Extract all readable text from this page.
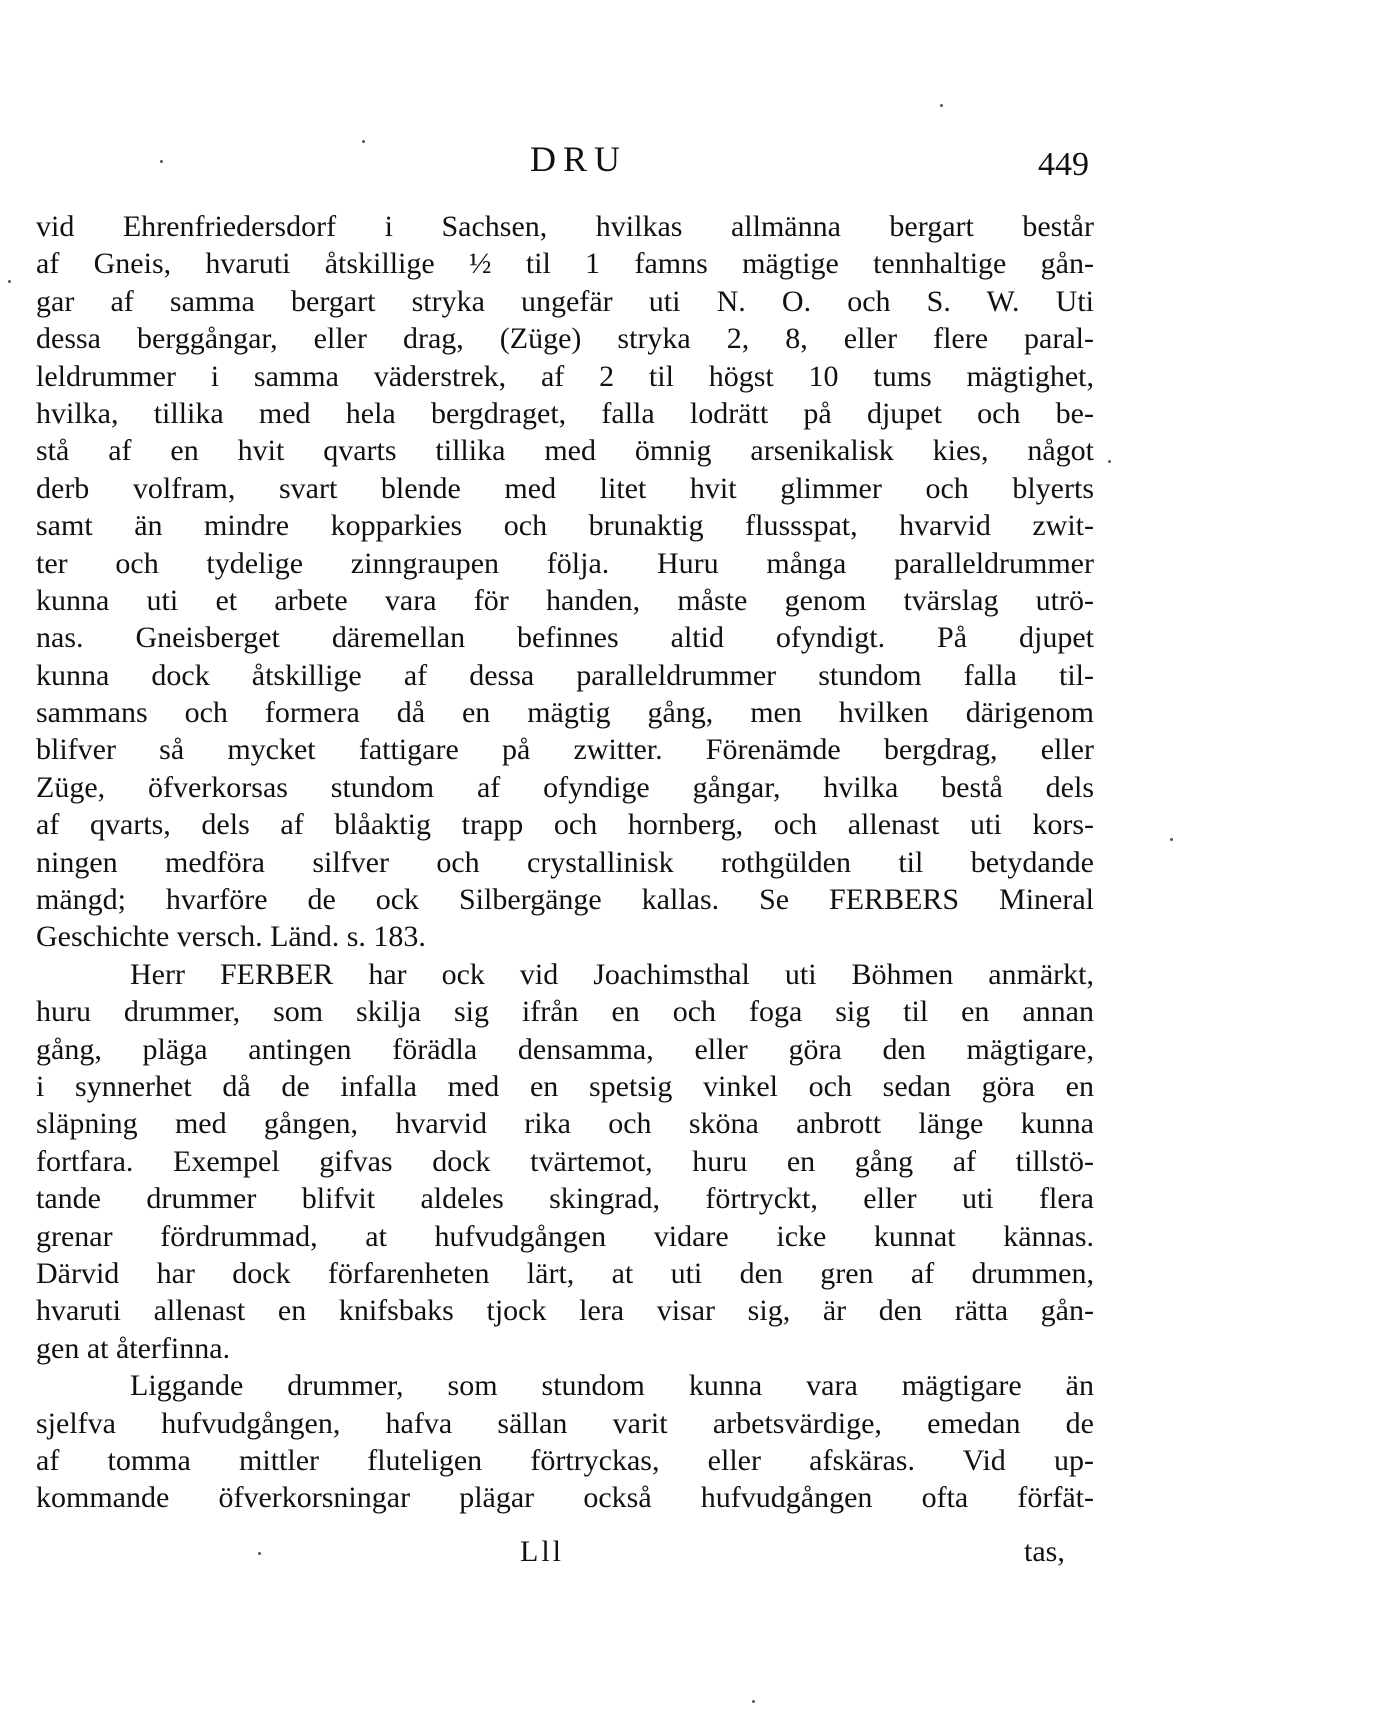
DRU	449
vid Ehrenfriedersdorf i Sachsen, hvilkas allmänna bergart består
af Gneis, hvaruti åtskillige ½ til 1 famns mägtige tennhaltige gån-
gar af samma bergart stryka ungefär uti N. O. och S. W. Uti
dessa berggångar, eller drag, (Züge) stryka 2, 8, eller flere paral-
leldrummer i samma väderstrek, af 2 til högst 10 tums mägtighet,
hvilka, tillika med hela bergdraget, falla lodrätt på djupet och be-
stå af en hvit qvarts tillika med ömnig arsenikalisk kies, något
derb volfram, svart blende med litet hvit glimmer och blyerts
samt än mindre kopparkies och brunaktig flussspat, hvarvid zwit-
ter och tydelige zinngraupen följa. Huru många paralleldrummer
kunna uti et arbete vara för handen, måste genom tvärslag utrö-
nas. Gneisberget däremellan befinnes altid ofyndigt. På djupet
kunna dock åtskillige af dessa paralleldrummer stundom falla til-
sammans och formera då en mägtig gång, men hvilken därigenom
blifver så mycket fattigare på zwitter. Förenämde bergdrag, eller
Züge, öfverkorsas stundom af ofyndige gångar, hvilka bestå dels
af qvarts, dels af blåaktig trapp och hornberg, och allenast uti kors-
ningen medföra silfver och crystallinisk rothgülden til betydande
mängd; hvarföre de ock Silbergänge kallas. Se FERBERS Mineral
Geschichte versch. Länd. s. 183.
Herr FERBER har ock vid Joachimsthal uti Böhmen anmärkt,
huru drummer, som skilja sig ifrån en och foga sig til en annan
gång, pläga antingen förädla densamma, eller göra den mägtigare,
i synnerhet då de infalla med en spetsig vinkel och sedan göra en
släpning med gången, hvarvid rika och sköna anbrott länge kunna
fortfara. Exempel gifvas dock tvärtemot, huru en gång af tillstö-
tande drummer blifvit aldeles skingrad, förtryckt, eller uti flera
grenar fördrummad, at hufvudgången vidare icke kunnat kännas.
Därvid har dock förfarenheten lärt, at uti den gren af drummen,
hvaruti allenast en knifsbaks tjock lera visar sig, är den rätta gån-
gen at återfinna.
Liggande drummer, som stundom kunna vara mägtigare än
sjelfva hufvudgången, hafva sällan varit arbetsvärdige, emedan de
af tomma mittler fluteligen förtryckas, eller afskäras. Vid up-
kommande öfverkorsningar plägar också hufvudgången ofta förfät-
Lll	tas,
